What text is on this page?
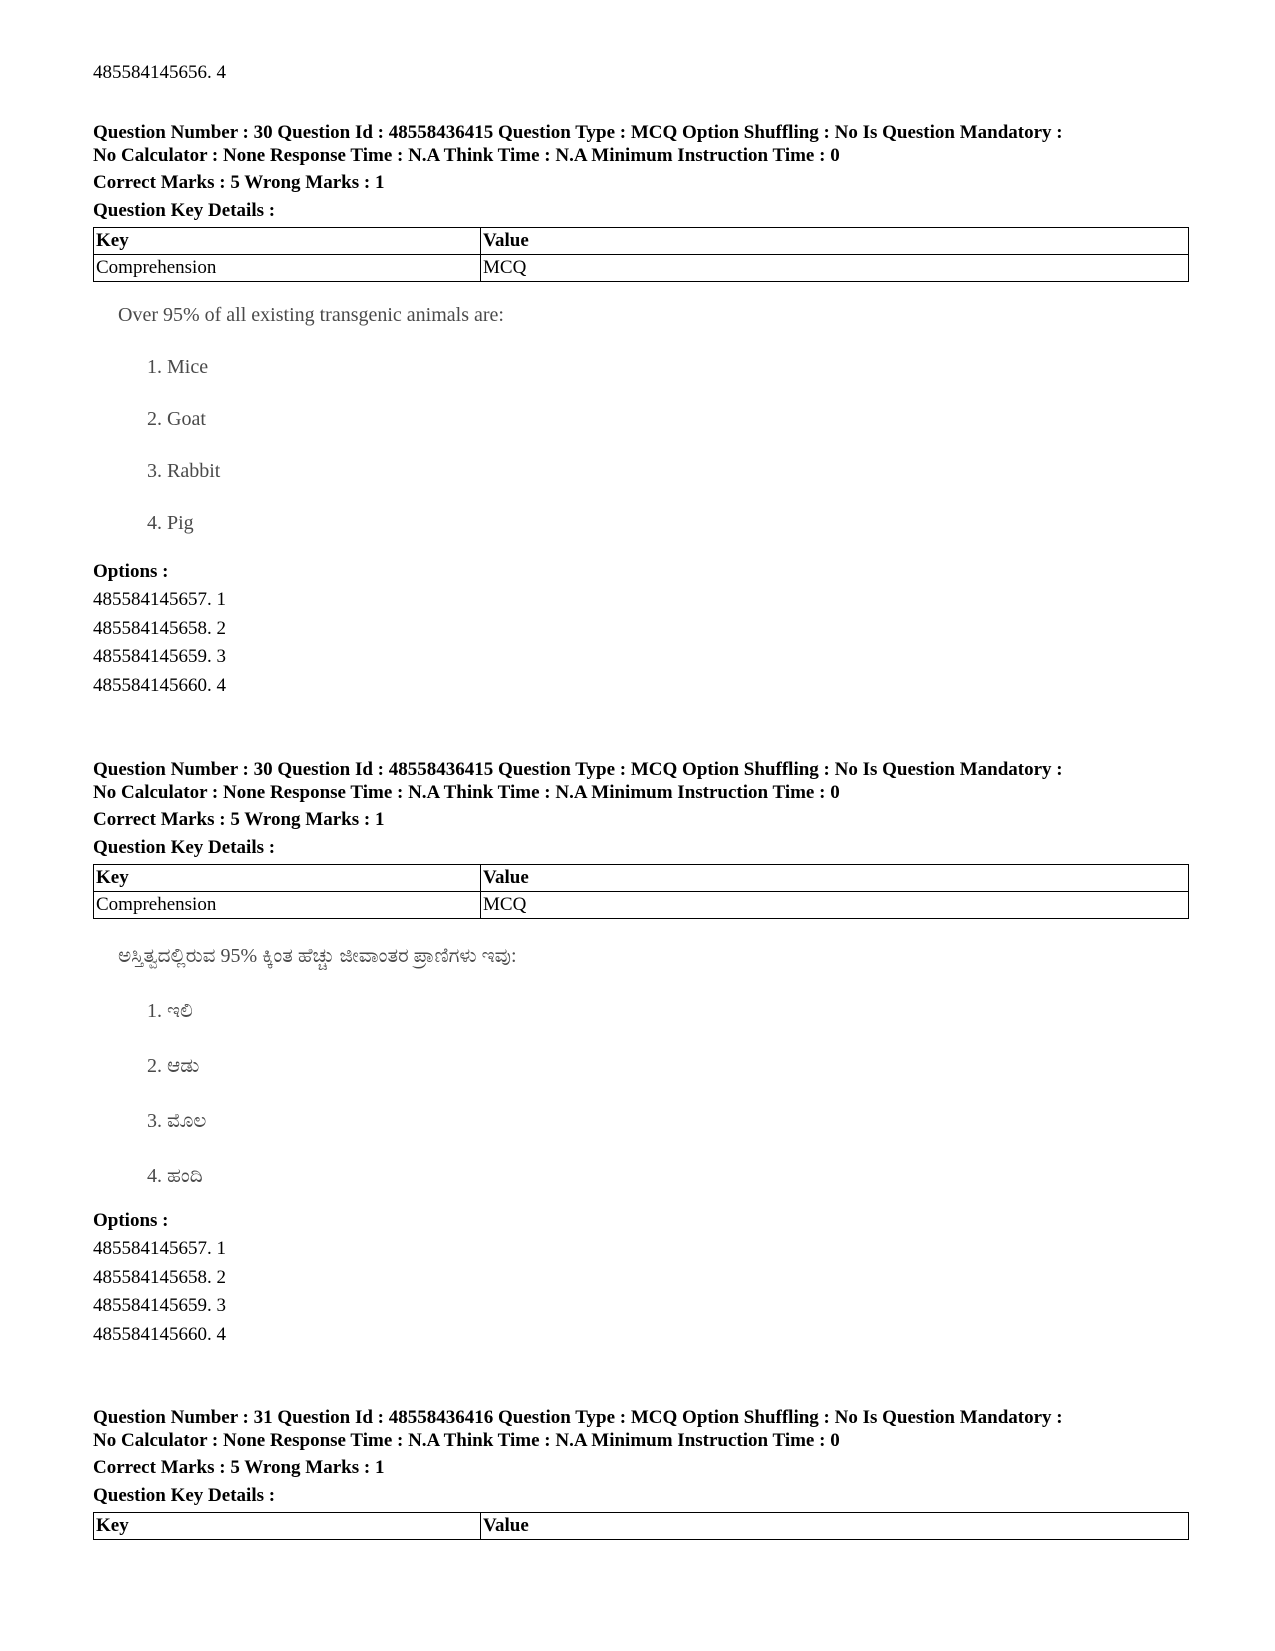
485584145656. 4
Question Number : 30 Question Id : 48558436415 Question Type : MCQ Option Shuffling : No Is Question Mandatory :
No Calculator : None Response Time : N.A Think Time : N.A Minimum Instruction Time : 0
Correct Marks : 5 Wrong Marks : 1
Question Key Details :
Key	Value
Comprehension	MCQ
Over 95% of all existing transgenic animals are:
1. Mice
2. Goat
3. Rabbit
4. Pig
Options :
485584145657. 1
485584145658. 2
485584145659. 3
485584145660. 4
Question Number : 30 Question Id : 48558436415 Question Type : MCQ Option Shuffling : No Is Question Mandatory :
No Calculator : None Response Time : N.A Think Time : N.A Minimum Instruction Time : 0
Correct Marks : 5 Wrong Marks : 1
Question Key Details :
Key	Value
Comprehension	MCQ
ಅಸ್ತಿತ್ವದಲ್ಲಿರುವ 95% ಕ್ಕಿಂತ ಹೆಚ್ಚು ಜೀವಾಂತರ ಪ್ರಾಣಿಗಳು ಇವು:
1. ಇಲಿ
2. ಆಡು
3. ಮೊಲ
4. ಹಂದಿ
Options :
485584145657. 1
485584145658. 2
485584145659. 3
485584145660. 4
Question Number : 31 Question Id : 48558436416 Question Type : MCQ Option Shuffling : No Is Question Mandatory :
No Calculator : None Response Time : N.A Think Time : N.A Minimum Instruction Time : 0
Correct Marks : 5 Wrong Marks : 1
Question Key Details :
Key	Value
